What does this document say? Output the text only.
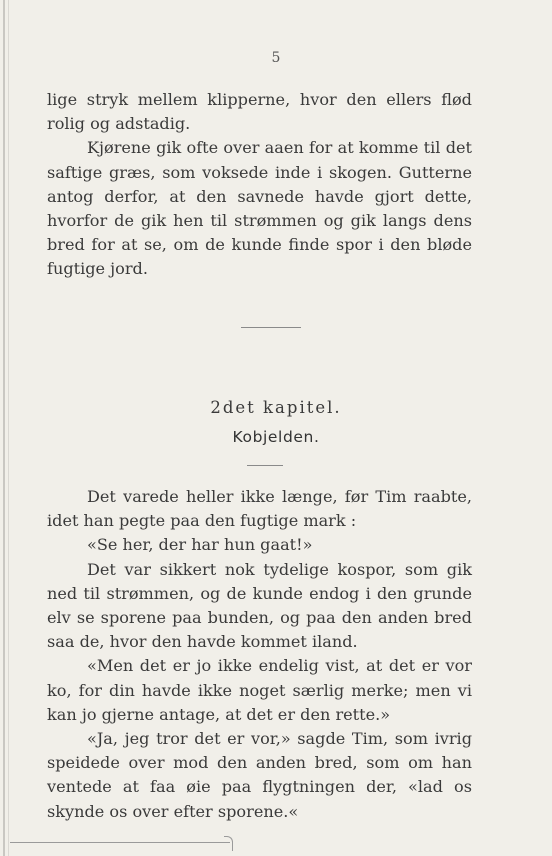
5

lige stryk mellem klipperne, hvor den ellers flød rolig og adstadig.

Kjørene gik ofte over aaen for at komme til det saftige græs, som voksede inde i skogen. Gutterne antog derfor, at den savnede havde gjort dette, hvorfor de gik hen til strømmen og gik langs dens bred for at se, om de kunde finde spor i den bløde fugtige jord.

2det kapitel.
Kobjelden.

Det varede heller ikke længe, før Tim raabte, idet han pegte paa den fugtige mark :

«Se her, der har hun gaat!»

Det var sikkert nok tydelige kospor, som gik ned til strømmen, og de kunde endog i den grunde elv se sporene paa bunden, og paa den anden bred saa de, hvor den havde kommet iland.

«Men det er jo ikke endelig vist, at det er vor ko, for din havde ikke noget særlig merke; men vi kan jo gjerne antage, at det er den rette.»

«Ja, jeg tror det er vor,» sagde Tim, som ivrig speidede over mod den anden bred, som om han ventede at faa øie paa flygtningen der, «lad os skynde os over efter sporene.«
